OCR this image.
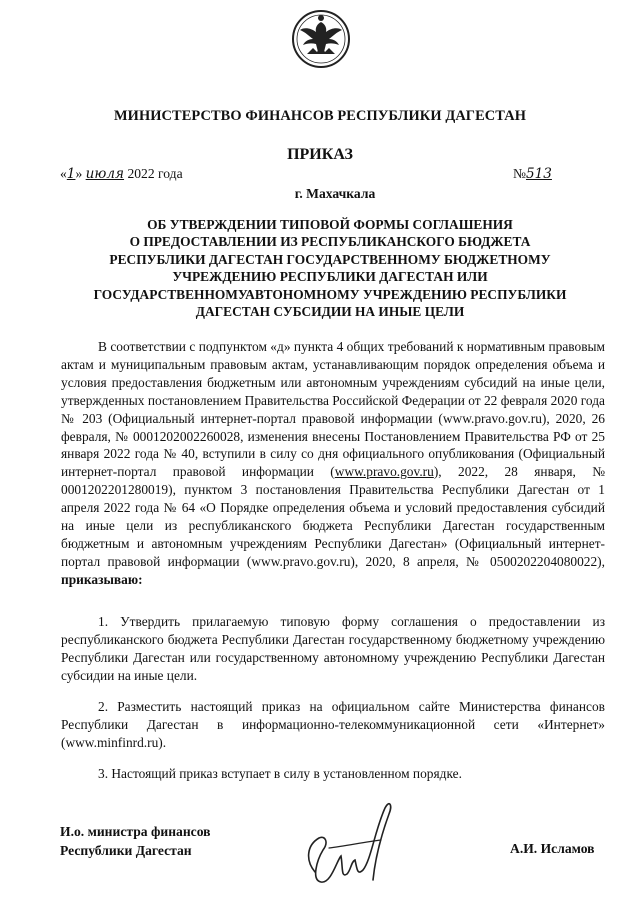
МИНИСТЕРСТВО ФИНАНСОВ РЕСПУБЛИКИ ДАГЕСТАН
ПРИКАЗ
«1» июля 2022 года	№513
г. Махачкала
ОБ УТВЕРЖДЕНИИ ТИПОВОЙ ФОРМЫ СОГЛАШЕНИЯ
О ПРЕДОСТАВЛЕНИИ ИЗ РЕСПУБЛИКАНСКОГО БЮДЖЕТА
РЕСПУБЛИКИ ДАГЕСТАН ГОСУДАРСТВЕННОМУ БЮДЖЕТНОМУ
УЧРЕЖДЕНИЮ РЕСПУБЛИКИ ДАГЕСТАН ИЛИ
ГОСУДАРСТВЕННОМУАВТОНОМНОМУ УЧРЕЖДЕНИЮ РЕСПУБЛИКИ
ДАГЕСТАН СУБСИДИИ НА ИНЫЕ ЦЕЛИ
В соответствии с подпунктом «д» пункта 4 общих требований к нормативным правовым актам и муниципальным правовым актам, устанавливающим порядок определения объема и условия предоставления бюджетным или автономным учреждениям субсидий на иные цели, утвержденных постановлением Правительства Российской Федерации от 22 февраля 2020 года № 203 (Официальный интернет-портал правовой информации (www.pravo.gov.ru), 2020, 26 февраля, № 0001202002260028, изменения внесены Постановлением Правительства РФ от 25 января 2022 года № 40, вступили в силу со дня официального опубликования (Официальный интернет-портал правовой информации (www.pravo.gov.ru), 2022, 28 января, № 0001202201280019), пунктом 3 постановления Правительства Республики Дагестан от 1 апреля 2022 года № 64 «О Порядке определения объема и условий предоставления субсидий на иные цели из республиканского бюджета Республики Дагестан государственным бюджетным и автономным учреждениям Республики Дагестан» (Официальный интернет-портал правовой информации (www.pravo.gov.ru), 2020, 8 апреля, № 0500202204080022), приказываю:
1. Утвердить прилагаемую типовую форму соглашения о предоставлении из республиканского бюджета Республики Дагестан государственному бюджетному учреждению Республики Дагестан или государственному автономному учреждению Республики Дагестан субсидии на иные цели.
2. Разместить настоящий приказ на официальном сайте Министерства финансов Республики Дагестан в информационно-телекоммуникационной сети «Интернет» (www.minfinrd.ru).
3. Настоящий приказ вступает в силу в установленном порядке.
И.о. министра финансов
Республики Дагестан	А.И. Исламов
